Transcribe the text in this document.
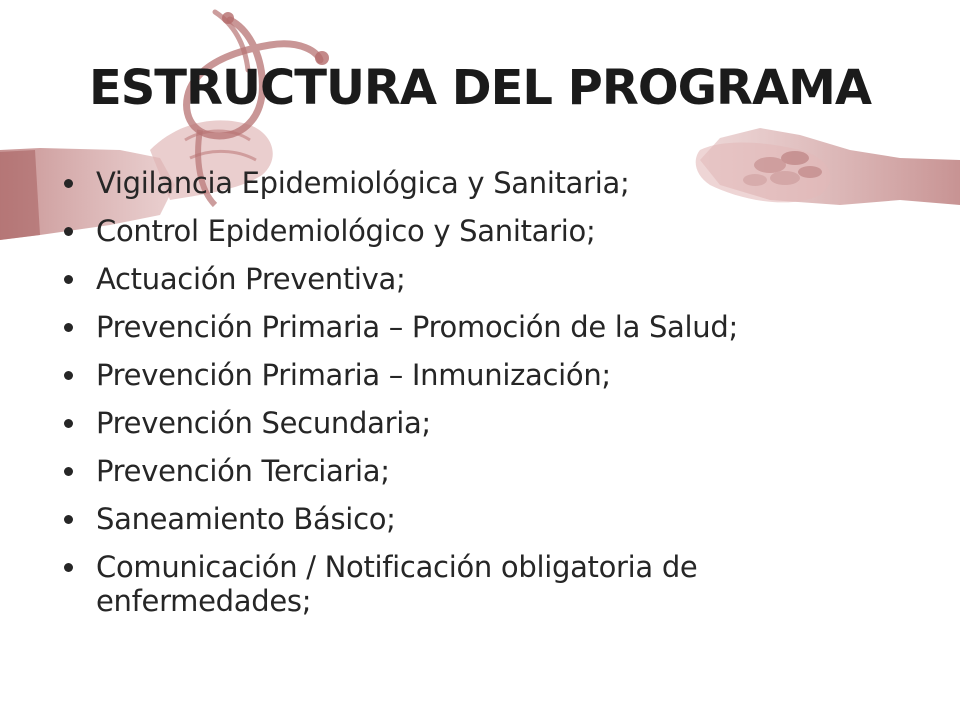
ESTRUCTURA DEL PROGRAMA
Vigilancia Epidemiológica y Sanitaria;
Control Epidemiológico y Sanitario;
Actuación Preventiva;
Prevención Primaria – Promoción de la Salud;
Prevención Primaria – Inmunización;
Prevención Secundaria;
Prevención Terciaria;
Saneamiento Básico;
Comunicación / Notificación obligatoria de enfermedades;
